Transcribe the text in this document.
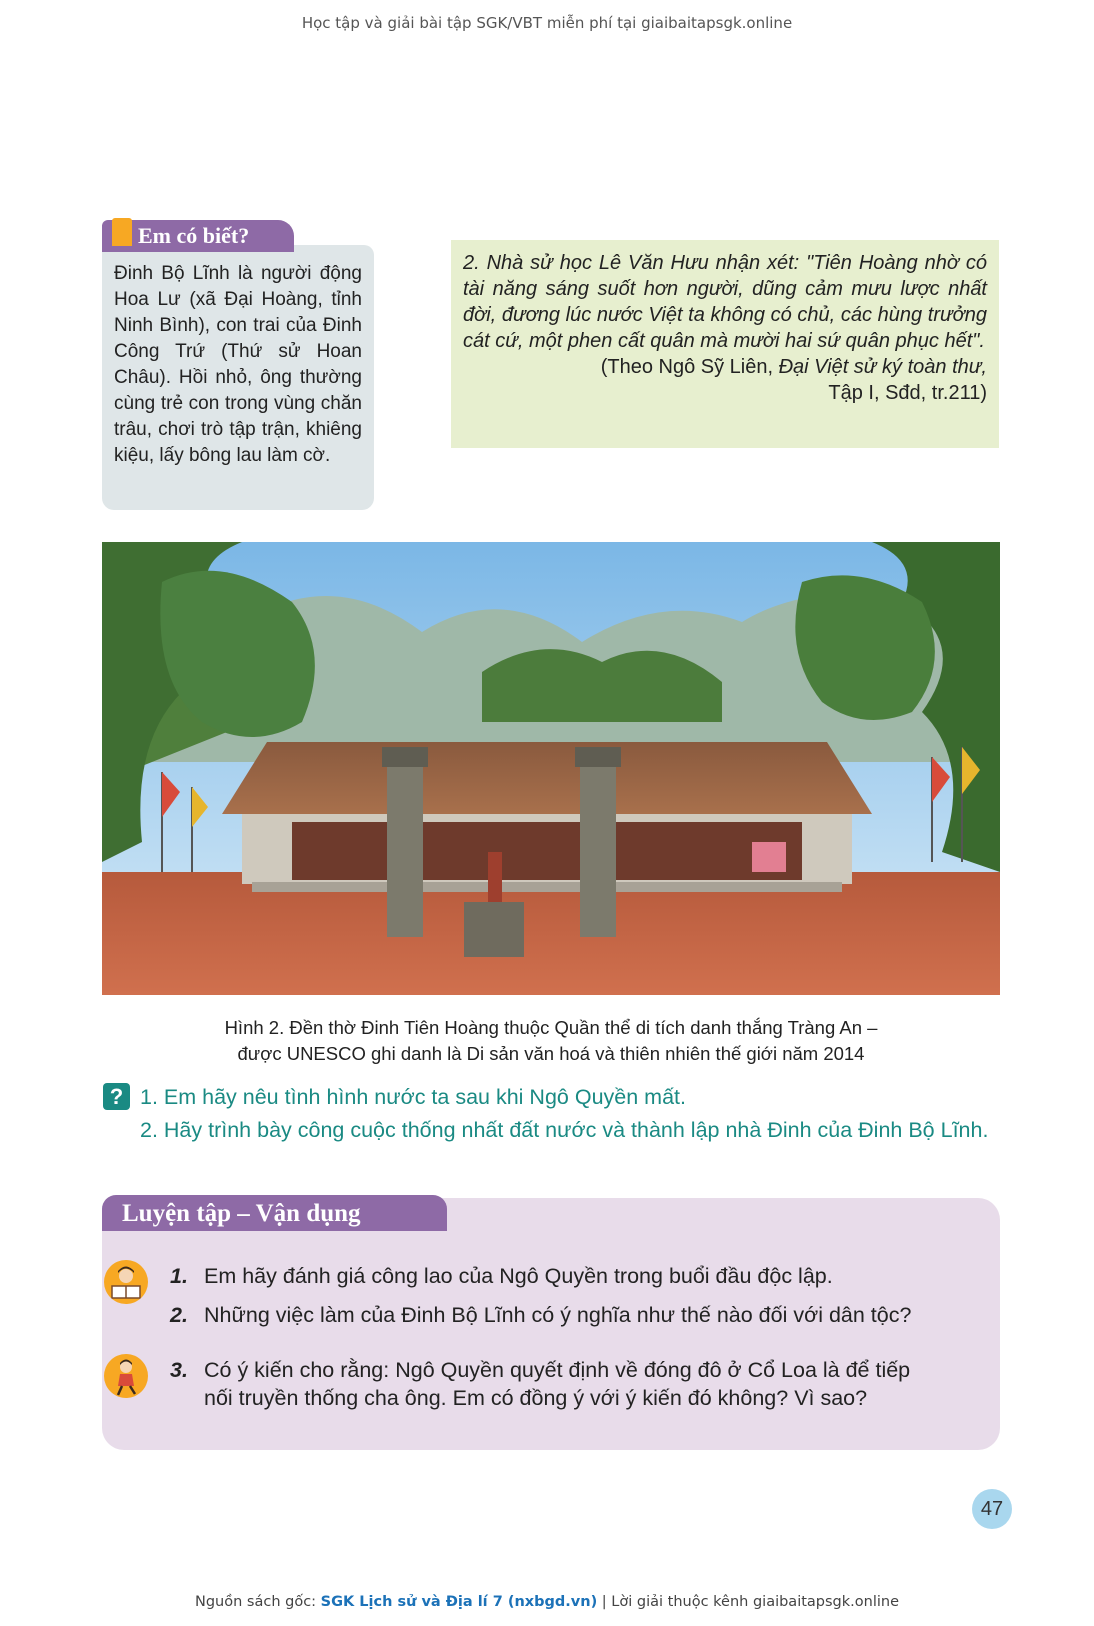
Học tập và giải bài tập SGK/VBT miễn phí tại giaibaitapsgk.online
Đinh Bộ Lĩnh là người động Hoa Lư (xã Đại Hoàng, tỉnh Ninh Bình), con trai của Đinh Công Trứ (Thứ sử Hoan Châu). Hồi nhỏ, ông thường cùng trẻ con trong vùng chăn trâu, chơi trò tập trận, khiêng kiệu, lấy bông lau làm cờ.
Em có biết?
2. Nhà sử học Lê Văn Hưu nhận xét: "Tiên Hoàng nhờ có tài năng sáng suốt hơn người, dũng cảm mưu lược nhất đời, đương lúc nước Việt ta không có chủ, các hùng trưởng cát cứ, một phen cất quân mà mười hai sứ quân phục hết".
(Theo Ngô Sỹ Liên, Đại Việt sử ký toàn thư,
Tập I, Sđd, tr.211)
Hình 2. Đền thờ Đinh Tiên Hoàng thuộc Quần thể di tích danh thắng Tràng An –
được UNESCO ghi danh là Di sản văn hoá và thiên nhiên thế giới năm 2014
? 1. Em hãy nêu tình hình nước ta sau khi Ngô Quyền mất.
2. Hãy trình bày công cuộc thống nhất đất nước và thành lập nhà Đinh của Đinh Bộ Lĩnh.
Luyện tập – Vận dụng
1. Em hãy đánh giá công lao của Ngô Quyền trong buổi đầu độc lập.
2. Những việc làm của Đinh Bộ Lĩnh có ý nghĩa như thế nào đối với dân tộc?
3. Có ý kiến cho rằng: Ngô Quyền quyết định về đóng đô ở Cổ Loa là để tiếp
nối truyền thống cha ông. Em có đồng ý với ý kiến đó không? Vì sao?
47
Nguồn sách gốc: SGK Lịch sử và Địa lí 7 (nxbgd.vn) | Lời giải thuộc kênh giaibaitapsgk.online
